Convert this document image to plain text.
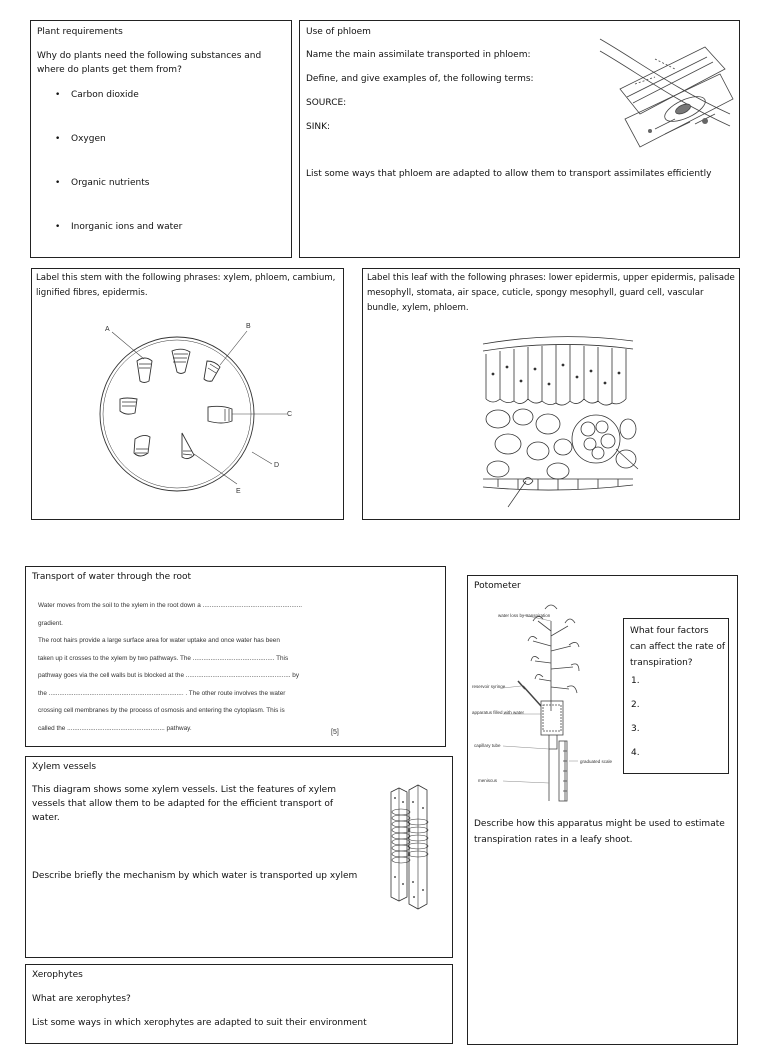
Plant requirements
Why do plants need the following substances and where do plants get them from?
• Carbon dioxide
• Oxygen
• Organic nutrients
• Inorganic ions and water
Use of phloem
Name the main assimilate transported in phloem:
Define, and give examples of, the following terms:
SOURCE:
SINK:
List some ways that phloem are adapted to allow them to transport assimilates efficiently
Label this stem with the following phrases: xylem, phloem, cambium, lignified fibres, epidermis.
A	B
C
D
E
Label this leaf with the following phrases: lower epidermis, upper epidermis, palisade mesophyll, stomata, air space, cuticle, spongy mesophyll, guard cell, vascular bundle, xylem, phloem.
Transport of water through the root
Water moves from the soil to the xylem in the root down a ........................................................
gradient.
The root hairs provide a large surface area for water uptake and once water has been
taken up it crosses to the xylem by two pathways. The .............................................. This
pathway goes via the cell walls but is blocked at the ........................................................... by
the ............................................................................ . The other route involves the water
crossing cell membranes by the process of osmosis and entering the cytoplasm. This is
called the ....................................................... pathway.
[5]
Xylem vessels
This diagram shows some xylem vessels. List the features of xylem vessels that allow them to be adapted for the efficient transport of water.
Describe briefly the mechanism by which water is transported up xylem
Xerophytes
What are xerophytes?
List some ways in which xerophytes are adapted to suit their environment
Potometer
water loss by transpiration
reservoir syringe
apparatus filled with water
capillary tube
graduated scale
meniscus
What four factors can affect the rate of transpiration?
1.
2.
3.
4.
Describe how this apparatus might be used to estimate transpiration rates in a leafy shoot.
